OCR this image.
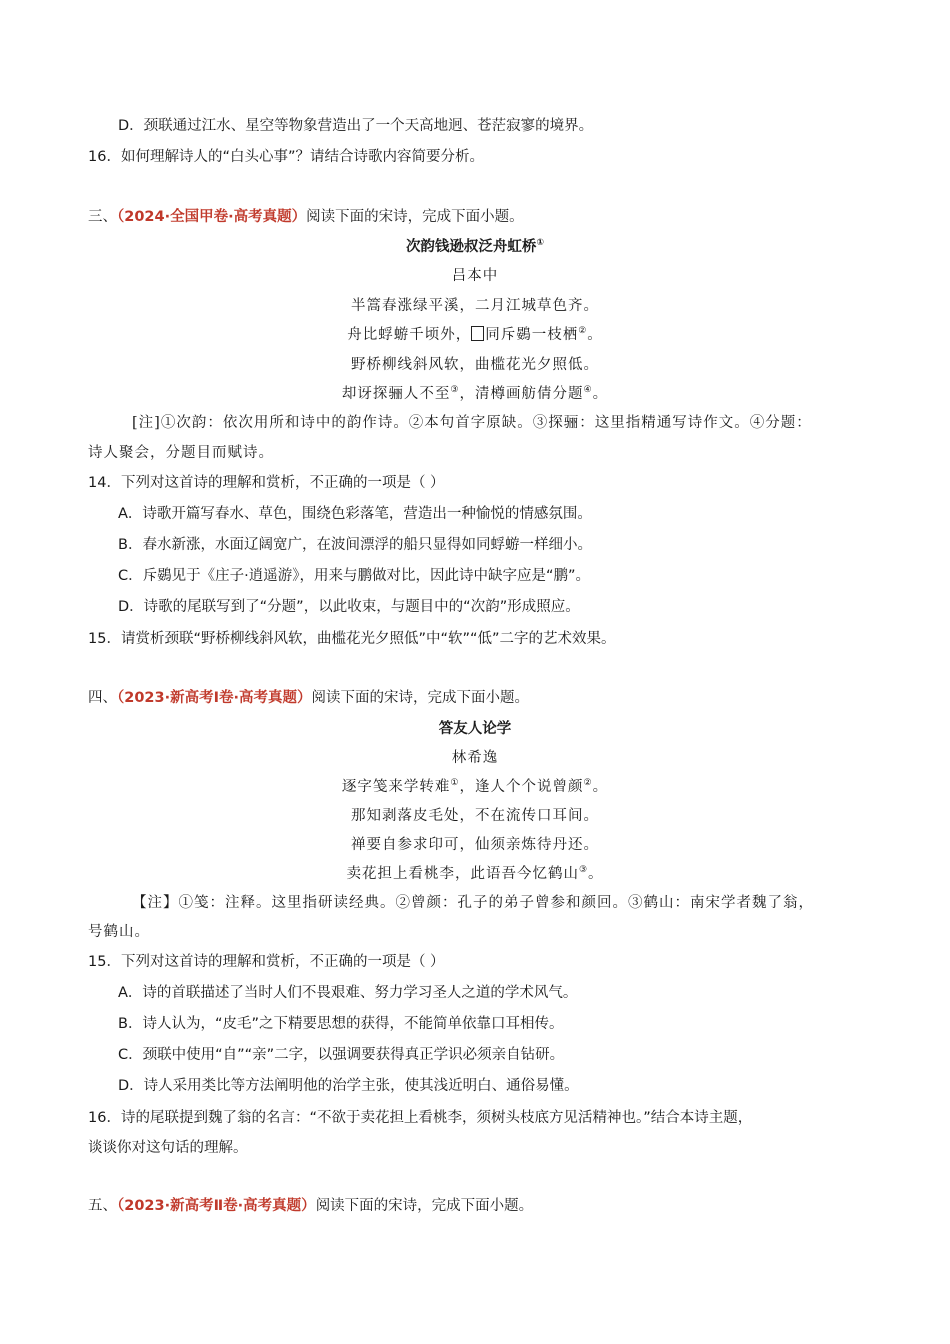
D．颈联通过江水、星空等物象营造出了一个天高地迥、苍茫寂寥的境界。
16．如何理解诗人的“白头心事”？请结合诗歌内容简要分析。
三、（2024·全国甲卷·高考真题）阅读下面的宋诗，完成下面小题。
次韵钱逊叔泛舟虹桥①
吕本中
半篙春涨绿平溪，二月江城草色齐。
舟比蜉蝣千顷外， 同斥鷃一枝栖②。
野桥柳线斜风软，曲槛花光夕照低。
却讶探骊人不至③，清樽画舫倩分题④。
[注]①次韵：依次用所和诗中的韵作诗。②本句首字原缺。③探骊：这里指精通写诗作文。④分题：
诗人聚会，分题目而赋诗。
14．下列对这首诗的理解和赏析，不正确的一项是（ ）
A．诗歌开篇写春水、草色，围绕色彩落笔，营造出一种愉悦的情感氛围。
B．春水新涨，水面辽阔宽广，在波间漂浮的船只显得如同蜉蝣一样细小。
C．斥鷃见于《庄子·逍遥游》，用来与鹏做对比，因此诗中缺字应是“鹏”。
D．诗歌的尾联写到了“分题”，以此收束，与题目中的“次韵”形成照应。
15．请赏析颈联“野桥柳线斜风软，曲槛花光夕照低”中“软”“低”二字的艺术效果。
四、（2023·新高考Ⅰ卷·高考真题）阅读下面的宋诗，完成下面小题。
答友人论学
林希逸
逐字笺来学转难①，逢人个个说曾颜②。
那知剥落皮毛处，不在流传口耳间。
禅要自参求印可，仙须亲炼待丹还。
卖花担上看桃李，此语吾今忆鹤山③。
【注】①笺：注释。这里指研读经典。②曾颜：孔子的弟子曾参和颜回。③鹤山：南宋学者魏了翁，
号鹤山。
15．下列对这首诗的理解和赏析，不正确的一项是（ ）
A．诗的首联描述了当时人们不畏艰难、努力学习圣人之道的学术风气。
B．诗人认为，“皮毛”之下精要思想的获得，不能简单依靠口耳相传。
C．颈联中使用“自”“亲”二字，以强调要获得真正学识必须亲自钻研。
D．诗人采用类比等方法阐明他的治学主张，使其浅近明白、通俗易懂。
16．诗的尾联提到魏了翁的名言：“不欲于卖花担上看桃李，须树头枝底方见活精神也。”结合本诗主题，
谈谈你对这句话的理解。
五、（2023·新高考Ⅱ卷·高考真题）阅读下面的宋诗，完成下面小题。
